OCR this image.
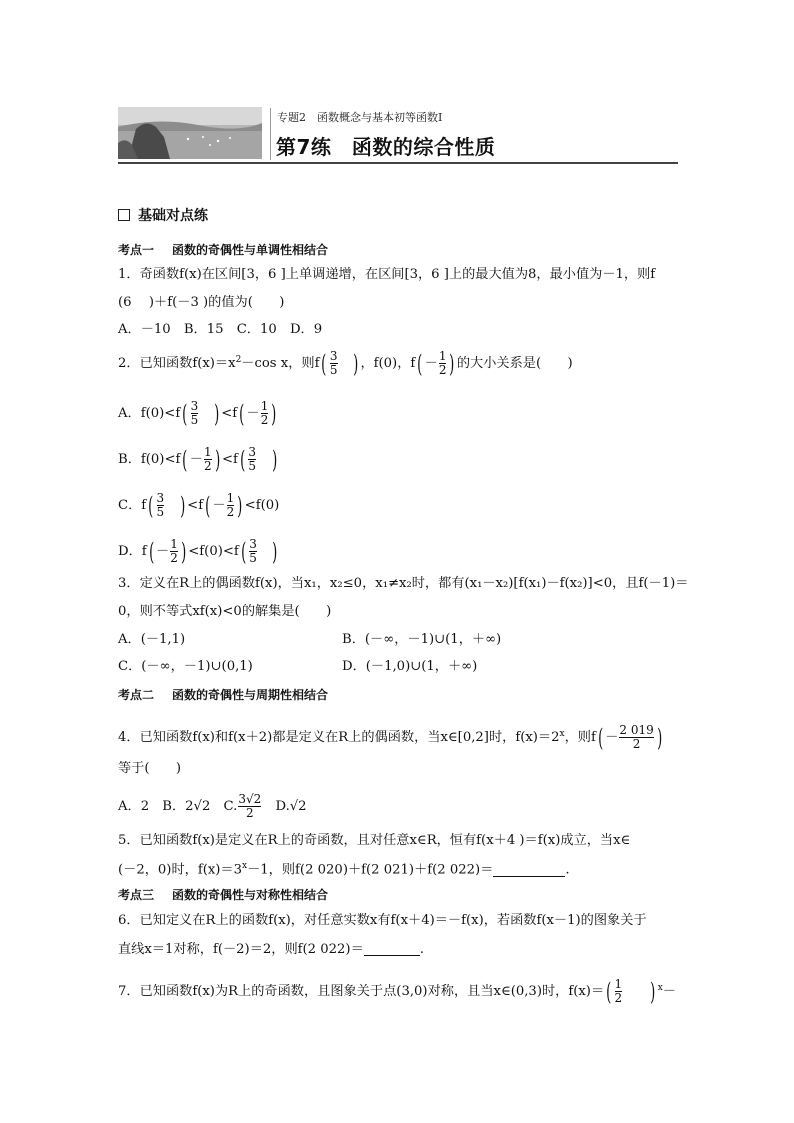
专题2　函数概念与基本初等函数Ⅰ
第7练　函数的综合性质
基础对点练
考点一 函数的奇偶性与单调性相结合
1．奇函数f(x)在区间[3，6 ]上单调递增，在区间[3，6 ]上的最大值为8，最小值为－1，则f
(6　 )＋f(－3 )的值为(　　)
A．－10　B．15　C．10　D．9
2．已知函数$f(x)=x^2-\cos$ x，则$f( \frac{3}{5}$ ) ，f(0)，$f( - \frac{1}{2}$ ) 的大小关系是(　　)
A．$f(0)<f( \frac{3}{5}$ ) $<f( - \frac{1}{2}$ )
B．$f(0)<f( - \frac{1}{2}$ ) $<f( \frac{3}{5}$ )
C．$f( \frac{3}{5}$ ) $<f( - \frac{1}{2}$ ) <f(0)
D．$f( - \frac{1}{2}$ ) $<f(0)<f( \frac{3}{5}$ )
3．定义在R上的偶函数f(x)，当x₁，x₂≤0，x₁≠x₂时，都有(x₁－x₂)[f(x₁)－f(x₂)]<0，且f(－1)＝
0，则不等式xf(x)<0的解集是(　　)
A．(－1,1)	B．(－∞，－1)∪(1，＋∞)
C．(－∞，－1)∪(0,1)	D．(－1,0)∪(1，＋∞)
考点二 函数的奇偶性与周期性相结合
4．已知函数f(x)和f(x＋2)都是定义在R上的偶函数，当x∈[0,2]时，$f(x)=2^x$，则$f( - \frac{2 019}{2}$ )
等于(　　)
A．2　B．2√2　C. $\frac{3√2}{2}$ 　D.√2
5．已知函数f(x)是定义在R上的奇函数，且对任意x∈R，恒有f(x＋4 )＝f(x)成立，当x∈
(－2，0)时，$f(x)=3^x-1$，则f(2 020)＋f(2 021)＋f(2 022)＝	.
考点三 函数的奇偶性与对称性相结合
6．已知定义在R上的函数f(x)，对任意实数x有f(x＋4)＝－f(x)，若函数f(x－1)的图象关于
直线x＝1对称，f(－2)＝2，则f(2 022)＝	.
7．已知函数f(x)为R上的奇函数，且图象关于点(3,0)对称，且当x∈(0,3)时，$f(x)=( \frac{1}{2}$ ) $^x$－
